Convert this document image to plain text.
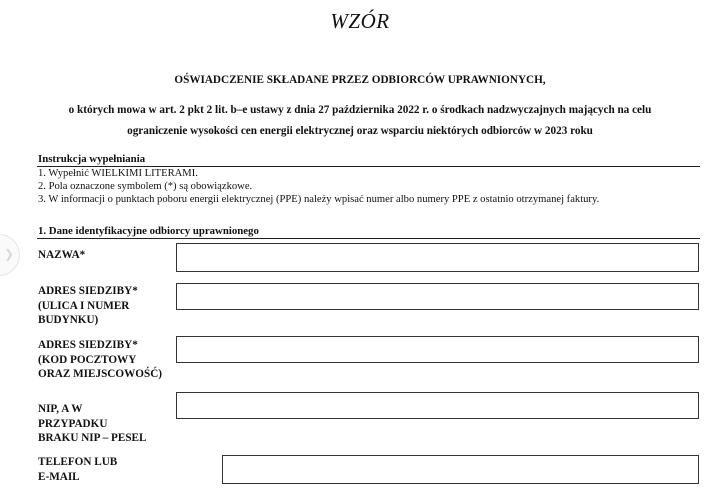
WZÓR
OŚWIADCZENIE SKŁADANE PRZEZ ODBIORCÓW UPRAWNIONYCH,
o których mowa w art. 2 pkt 2 lit. b–e ustawy z dnia 27 października 2022 r. o środkach nadzwyczajnych mających na celu
ograniczenie wysokości cen energii elektrycznej oraz wsparciu niektórych odbiorców w 2023 roku
Instrukcja wypełniania
1. Wypełnić WIELKIMI LITERAMI.
2. Pola oznaczone symbolem (*) są obowiązkowe.
3. W informacji o punktach poboru energii elektrycznej (PPE) należy wpisać numer albo numery PPE z ostatnio otrzymanej faktury.
❯
1. Dane identyfikacyjne odbiorcy uprawnionego
NAZWA*
ADRES SIEDZIBY*
(ULICA I NUMER
BUDYNKU)
ADRES SIEDZIBY*
(KOD POCZTOWY
ORAZ MIEJSCOWOŚĆ)
NIP, A W
PRZYPADKU
BRAKU NIP – PESEL
TELEFON LUB
E-MAIL
